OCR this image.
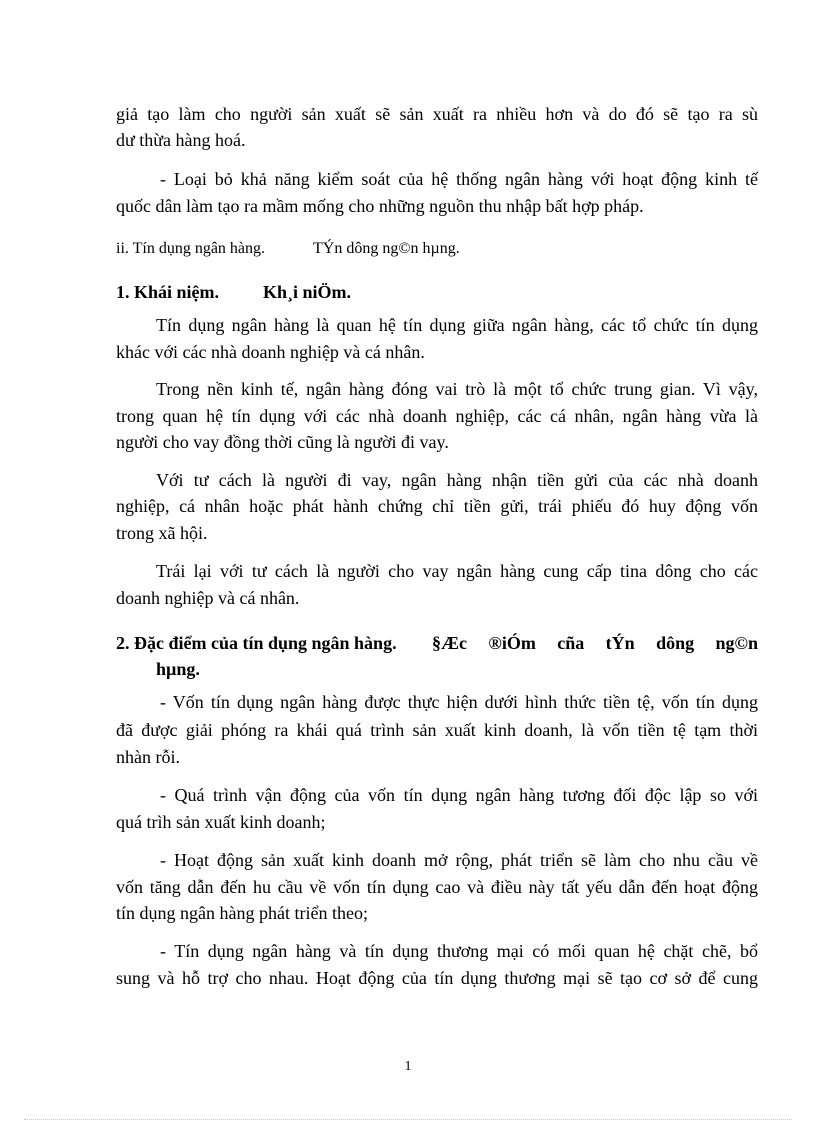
giả tạo làm cho người sản xuất sẽ sản xuất ra nhiều hơn và do đó sẽ tạo ra sù
dư thừa hàng hoá.
- Loại bỏ khả năng kiểm soát của hệ thống ngân hàng với hoạt động kinh tế
quốc dân làm tạo ra mầm mống cho những nguồn thu nhập bất hợp pháp.
ii. Tín dụng ngân hàng.	TÝn dông ng©n hµng.
1. Khái niệm. Kh¸i niÖm.
Tín dụng ngân hàng là quan hệ tín dụng giữa ngân hàng, các tổ chức tín dụng
khác với các nhà doanh nghiệp và cá nhân.
Trong nền kinh tế, ngân hàng đóng vai trò là một tổ chức trung gian. Vì vậy,
trong quan hệ tín dụng với các nhà doanh nghiệp, các cá nhân, ngân hàng vừa là
người cho vay đồng thời cũng là người đi vay.
Với tư cách là người đi vay, ngân hàng nhận tiền gửi của các nhà doanh
nghiệp, cá nhân hoặc phát hành chứng chỉ tiền gửi, trái phiếu đó huy động vốn
trong xã hội.
Trái lại với tư cách là người cho vay ngân hàng cung cấp tina dông cho các
doanh nghiệp và cá nhân.
2. Đặc điểm của tín dụng ngân hàng. §Æc ®iÓm cña tÝn dông ng©n
hµng.
- Vốn tín dụng ngân hàng được thực hiện dưới hình thức tiền tệ, vốn tín dụng
đã được giải phóng ra khái quá trình sản xuất kinh doanh, là vốn tiền tệ tạm thời
nhàn rỗi.
- Quá trình vận động của vốn tín dụng ngân hàng tương đối độc lập so với
quá trìh sản xuất kinh doanh;
- Hoạt động sản xuất kinh doanh mở rộng, phát triển sẽ làm cho nhu cầu về
vốn tăng dẫn đến hu cầu về vốn tín dụng cao và điều này tất yếu dẫn đến hoạt động
tín dụng ngân hàng phát triển theo;
- Tín dụng ngân hàng và tín dụng thương mại có mối quan hệ chặt chẽ, bổ
sung và hỗ trợ cho nhau. Hoạt động của tín dụng thương mại sẽ tạo cơ sở để cung
1
